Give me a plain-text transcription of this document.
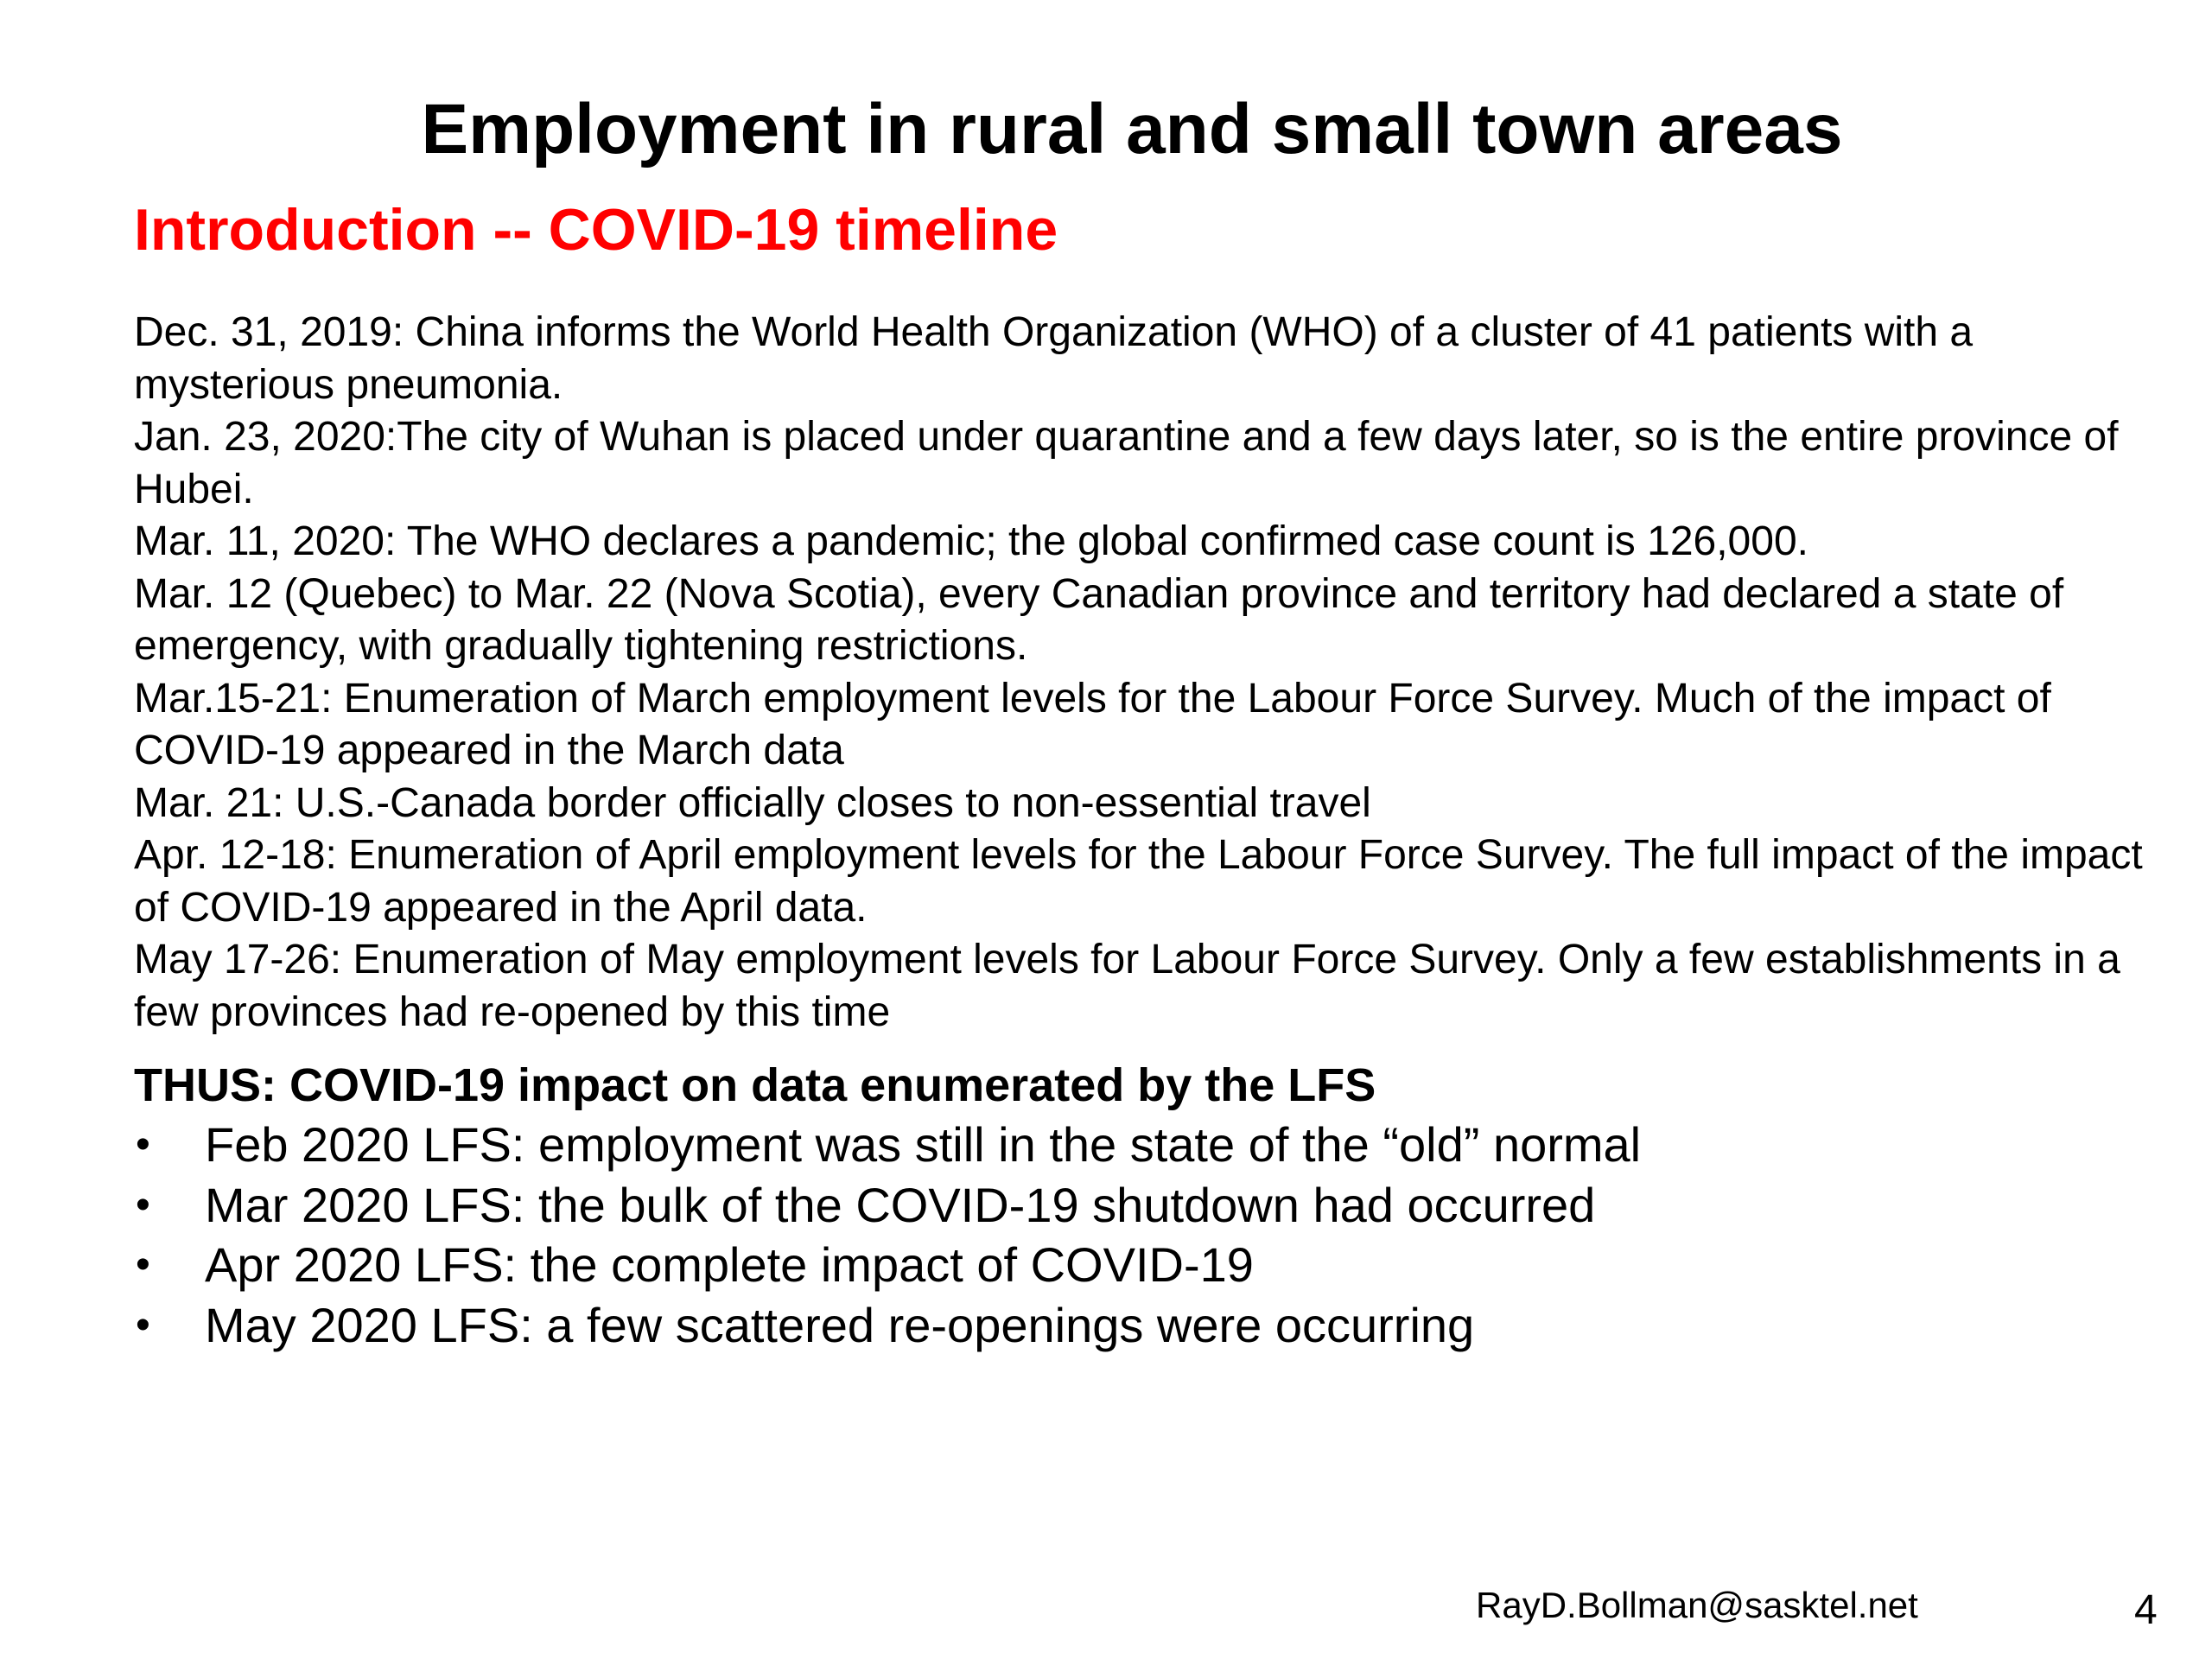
Employment in rural and small town areas
Introduction -- COVID-19 timeline
Dec. 31, 2019: China informs the World Health Organization (WHO) of a cluster of 41 patients with a mysterious pneumonia.
Jan. 23, 2020:The city of Wuhan is placed under quarantine and a few days later, so is the entire province of Hubei.
Mar. 11, 2020: The WHO declares a pandemic; the global confirmed case count is 126,000.
Mar. 12 (Quebec) to Mar. 22 (Nova Scotia), every Canadian province and territory had declared a state of emergency, with gradually tightening restrictions.
Mar.15-21: Enumeration of March employment levels for the Labour Force Survey. Much of the impact of COVID-19 appeared in the March data
Mar. 21: U.S.-Canada border officially closes to non-essential travel
Apr. 12-18: Enumeration of April employment levels for the Labour Force Survey. The full impact of the impact of COVID-19 appeared in the April data.
May 17-26: Enumeration of May employment levels for Labour Force Survey. Only a few establishments in a few provinces had re-opened by this time
THUS: COVID-19 impact on data enumerated by the LFS
• Feb 2020 LFS: employment was still in the state of the “old” normal
• Mar 2020 LFS: the bulk of the COVID-19 shutdown had occurred
• Apr 2020 LFS: the complete impact of COVID-19
• May 2020 LFS: a few scattered re-openings were occurring
RayD.Bollman@sasktel.net	4
